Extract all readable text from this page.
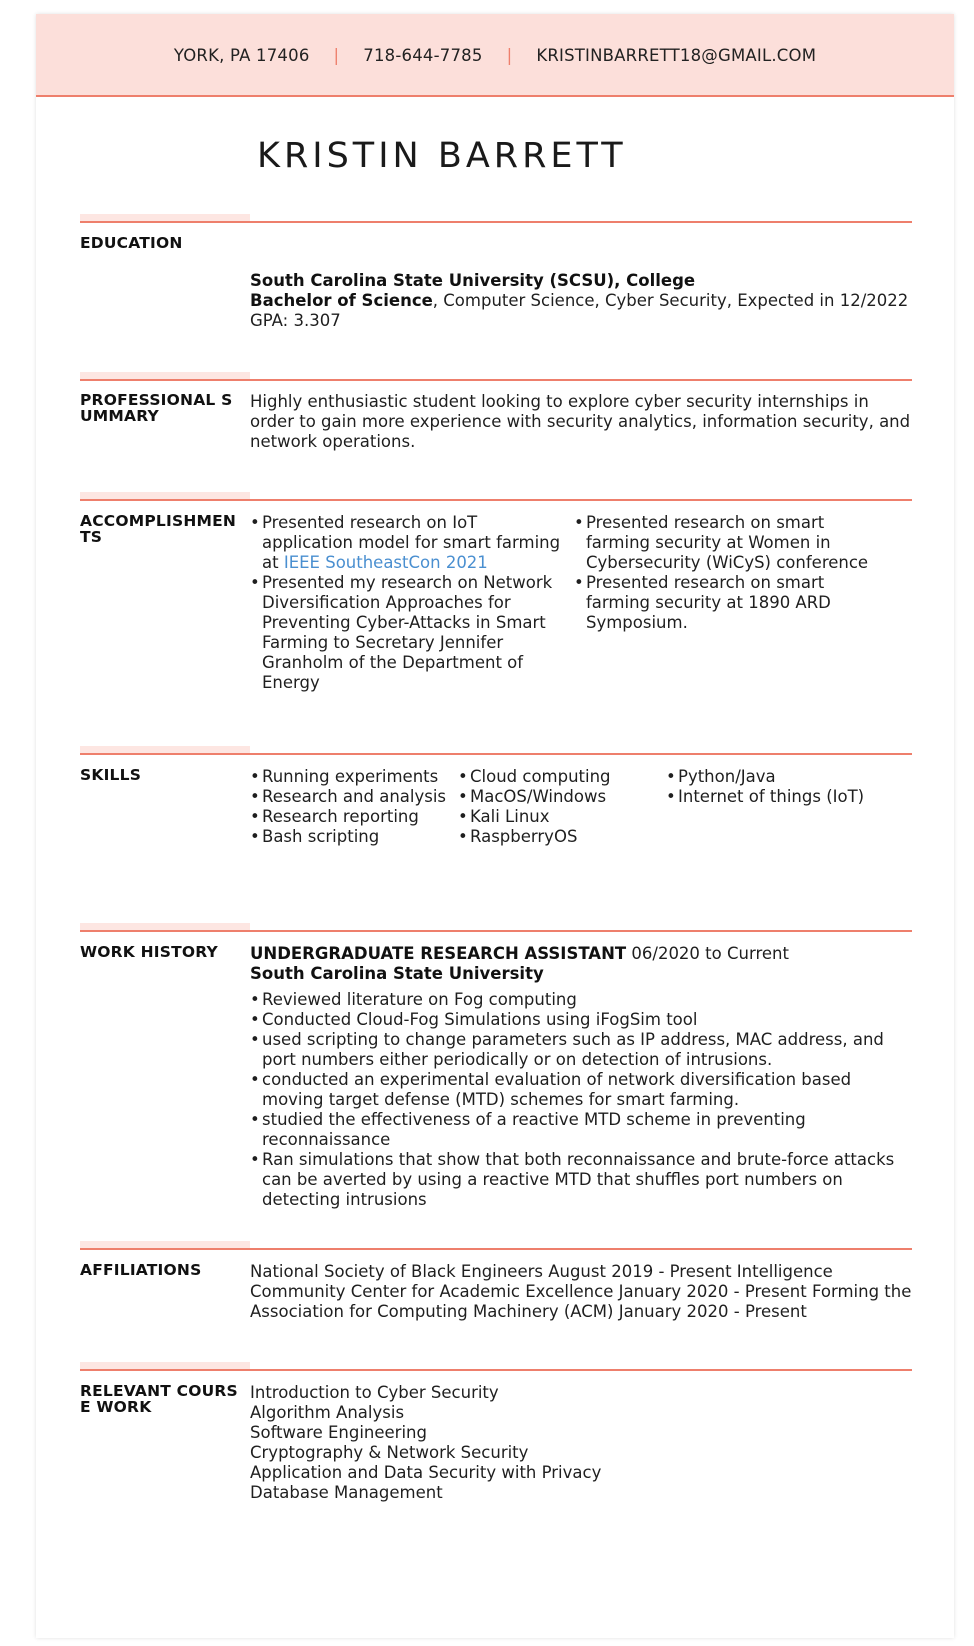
YORK, PA 17406 | 718-644-7785 | KRISTINBARRETT18@GMAIL.COM
KRISTIN BARRETT
EDUCATION
South Carolina State University (SCSU), College
Bachelor of Science, Computer Science, Cyber Security, Expected in 12/2022
GPA: 3.307
PROFESSIONAL SUMMARY
Highly enthusiastic student looking to explore cyber security internships in order to gain more experience with security analytics, information security, and network operations.
ACCOMPLISHMENTS
• Presented research on IoT application model for smart farming at IEEE SoutheastCon 2021
• Presented my research on Network Diversification Approaches for Preventing Cyber-Attacks in Smart Farming to Secretary Jennifer Granholm of the Department of Energy
• Presented research on smart farming security at Women in Cybersecurity (WiCyS) conference
• Presented research on smart farming security at 1890 ARD Symposium.
SKILLS
•	Running experiments
• Research and analysis
• Research reporting
• Bash scripting
• Cloud computing
• MacOS/Windows
• Kali Linux
• RaspberryOS
• Python/Java
• Internet of things (IoT)
WORK HISTORY	UNDERGRADUATE RESEARCH ASSISTANT 06/2020 to Current
South Carolina State University
• Reviewed literature on Fog computing
• Conducted Cloud-Fog Simulations using iFogSim tool
• used scripting to change parameters such as IP address, MAC address, and port numbers either periodically or on detection of intrusions.
• conducted an experimental evaluation of network diversification based moving target defense (MTD) schemes for smart farming.
• studied the effectiveness of a reactive MTD scheme in preventing reconnaissance
• Ran simulations that show that both reconnaissance and brute-force attacks can be averted by using a reactive MTD that shuffles port numbers on detecting intrusions
AFFILIATIONS	National Society of Black Engineers August 2019 - Present Intelligence Community Center for Academic Excellence January 2020 - Present Forming the Association for Computing Machinery (ACM) January 2020 - Present
RELEVANT COURSE WORK
Introduction to Cyber Security
Algorithm Analysis
Software Engineering
Cryptography & Network Security
Application and Data Security with Privacy
Database Management
